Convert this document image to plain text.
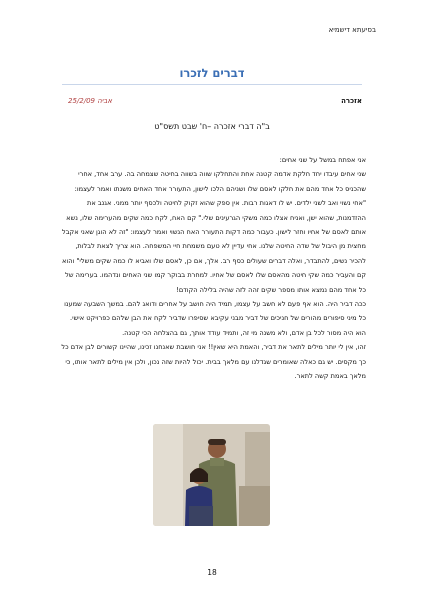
בסיעתא דישמיא

דברים לזכרו
אזכרה
אביה 25/2/09
ב"ה דברי אזכרה –ח' שבט תשס"ט

אני אפתח במשל על שני אחים:

שני אחים עיבדו יחד חלקת אדמה קטנה אחת והתחלקו שווה בשווה בחיטה שצמחה בה. ערב אחד, אחרי שהכניס כל אחד מהם את חלקו לאסם שלו ושניהם הלכו לישון, התעורר אחד האחים משנתו ואמר לעצמו: "אחי נשוי ואב לשני ילדים. יש לו דאגות רבות. אין ספק שהוא זקוק לחיטה ולכסף יותר ממני. אגנב את ההזדמנות, שהוא ישן, ואניח אצלו כמה משקי הגרעינים שלי." קם האח, לקח כמה שקים מהערימה שלו, נשא אותם לאסם של אחיו וחזר לישון. כעבור כמה דקות התעורר האח הנשוי ואמר לעצמו: "זה לא הוגן שאני אקבל מחצית מן היבול של שדה החיטה שלנו. אחי עדיין לא טעם משמחת חיי המשפחה. הוא צריך לצאת לבלות, להכיר נשים, להתבדר, ואלה דברים שעולים כסף רב. אלך, אם כן, לאסם שלו ואביא לו כמה שקים משלי" והוא קם והעביר כמה שקי חיטה מהאסם שלו לאסם של אחיו. למחרת בבוקר קמו שני האחים ונדהמו. בערימה של כל אחד מהם נמצא אותו מספר שקים זהה לזה שהיה בלילה הקודם!

ככה דביר היה. הוא אף פעם לא חשב על עצמו, תמיד היה חושב על אחרים ודואג להם. במשך השבעה שמענו כל מיני סיפורים מהורים של חניכים של דביר מבני עקיבא שסיפרו שדביר לקח את הבן שלהם כפרויקט אישי. הוא היה מסור לכל בן אדם, ולא משנה מי זה, ותמיד עודד אותך, גם בהצלחה הכי קטנה.

זהו, אין לי יותר מילים לתאר את דביר, והאמת היא שאין!! אני חושבת שאנחנו זכינו, שהיינו קשורים לבן אדם כל כך מקסים. יש גם כאלה שאומרים שגדלנו עם מלאך בבית. יכול להיות שזה נכון, ולכן אין מילים לתאר אותו, כי מלאך באמת קשה לתאר.

18
